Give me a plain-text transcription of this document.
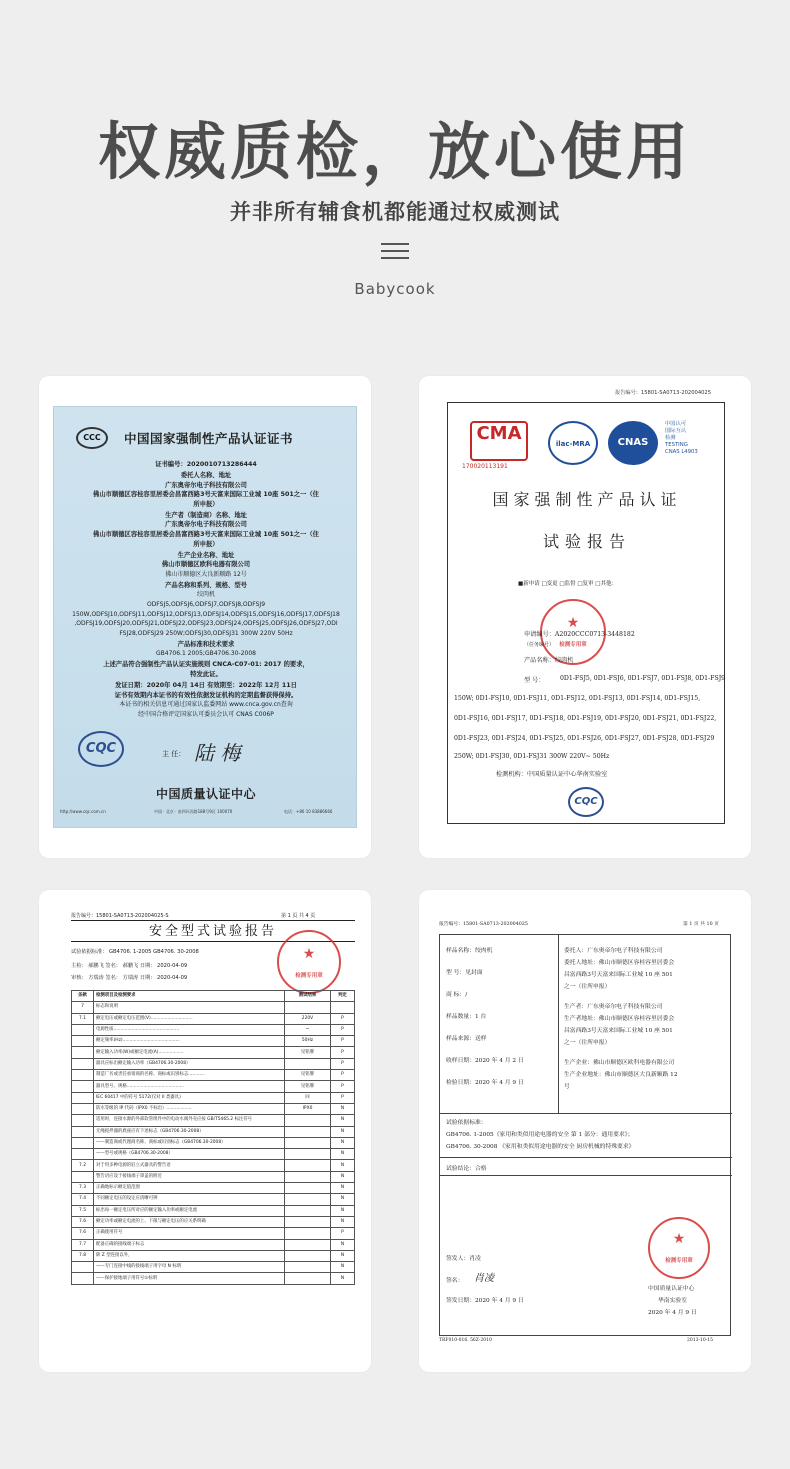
权威质检，放心使用
并非所有辅食机都能通过权威测试
Babycook
CCC	中国国家强制性产品认证证书
证书编号：2020010713286444
委托人名称、地址
广东奥帝尔电子科技有限公司
佛山市顺德区容桂容里居委会昌富西路3号天富来国际工业城 10座 501之一（住
所申报）
生产者（制造商）名称、地址
广东奥帝尔电子科技有限公司
佛山市顺德区容桂容里居委会昌富西路3号天富来国际工业城 10座 501之一（住
所申报）
生产企业名称、地址
佛山市顺德区欧科电器有限公司
佛山市顺德区大良新顺路 12号
产品名称和系列、规格、型号
绞肉机
ODFSJ5,ODFSJ6,ODFSJ7,ODFSJ8,ODFSJ9
150W,ODFSJ10,ODFSJ11,ODFSJ12,ODFSJ13,ODFSJ14,ODFSJ15,ODFSJ16,ODFSJ17,ODFSJ18
,ODFSJ19,ODFSJ20,ODFSJ21,ODFSJ22,ODFSJ23,ODFSJ24,ODFSJ25,ODFSJ26,ODFSJ27,ODI
FSJ28,ODFSJ29 250W;ODFSJ30,ODFSJ31 300W 220V 50Hz
产品标准和技术要求
GB4706.1 2005;GB4706.30-2008
上述产品符合强制性产品认证实施规则 CNCA-C07-01: 2017 的要求，
特发此证。
发证日期：2020年 04月 14日 有效期至：2022年 12月 11日
证书有效期内本证书的有效性依据发证机构的定期监督获得保持。
本证书的相关信息可通过国家认监委网站 www.cnca.gov.cn查询
经中国合格评定国家认可委员会认可 CNAS C006P
CQC	主 任： 陆 梅
中国质量认证中心
http://www.cqc.com.cn	中国 · 北京 · 南四环西路188号9区 100070	电话：+86 10 83886666
报告编号：15801-SA0713-202004025
CMA
170020113191
ilac-MRA	CNAS
中国认可
国际互认
检测
TESTING
CNAS L4903
国家强制性产品认证
试验报告
■新申请 □变更 □监督 □复审 □其他：
★
检测专用章
申请编号：A2020CCC0713-3448182
（任务编号）
产品名称：绞肉机
型 号： 0D1-FSJ5, 0D1-FSJ6, 0D1-FSJ7, 0D1-FSJ8, 0D1-FSJ9
150W; 0D1-FSJ10, 0D1-FSJ11, 0D1-FSJ12, 0D1-FSJ13, 0D1-FSJ14, 0D1-FSJ15,
0D1-FSJ16, 0D1-FSJ17, 0D1-FSJ18, 0D1-FSJ19, 0D1-FSJ20, 0D1-FSJ21, 0D1-FSJ22,
0D1-FSJ23, 0D1-FSJ24, 0D1-FSJ25, 0D1-FSJ26, 0D1-FSJ27, 0D1-FSJ28, 0D1-FSJ29
250W; 0D1-FSJ30, 0D1-FSJ31 300W 220V~ 50Hz
检测机构：中国质量认证中心华南实验室
CQC
报告编号：15801-SA0713-202004025-S	第 1 页 共 4 页
安全型式试验报告
试验依据标准： GB4706. 1-2005 GB4706. 30-2008
主检： 郝鹏飞 签名： 郝鹏飞 日期： 2020-04-09
审核： 方瑞涛 签名： 方瑞涛 日期： 2020-04-09
★
检测专用章
条款	检测项目及检测要求	测试结果	判定
7	标志和说明		
7.1	额定电压或额定电压范围(V)..............................	220V	P
	电源性质...............................................	~	P
	额定频率(Hz).........................................	50Hz	P
	额定输入功率(W)或额定电流(A)..................	见铭牌	P
	器具应标出额定输入功率（GB4706.30-2008）		P
	制造厂名或责任承销商的名称、商标或识别标志............	见铭牌	P
	器具型号、规格.........................................	见铭牌	P
	IEC 60417 中的符号 5172(仅对 II 类器具)	回	P
	防水等级的 IP 代码（IPX0 不标出）..................	IPX0	N
	适用时，连接水源的外部软管组件中的电动水阀外壳应按 GB/T5465.2 标注符号		N
	无绳搅拌器的底座应有下述标志（GB4706.30-2008）		N
	——制造商或代理商名称、商标或识别标志（GB4706.30-2008）		N
	——型号或规格（GB4706.30-2008）		N
7.2	对于用多种电源的驻立式器具的警告语		N
	警告语应设于接线端子罩盖的附近		N
7.3	正确地标示额定值范围		N
7.4	不同额定电压的设定应清晰可辨		N
7.5	标出每一额定电压所对应的额定输入功率或额定电流		N
7.6	额定功率或额定电流的上、下限与额定电压的应关系明确		N
7.6	正确使用符号		P
7.7	配备正确的接线端子标志		N
7.8	除 Z 型连接以外，		N
	——专门连接中线的接线端子用字母 N 标明		N
	——保护接地端子用符号①标明		N
报告编号：15801-SA0713-202004025	第 1 页 共 10 页
样品名称：绞肉机
型 号：见封面
商 标：/
样品数量：1 台
样品来源：送样
收样日期：2020 年 4 月 2 日
检验日期：2020 年 4 月 9 日
委托人：广东奥帝尔电子科技有限公司
委托人地址：佛山市顺德区容桂容里居委会
昌富西路3号天富来国际工业城 10 座 501
之一（住所申报）
生产者：广东奥帝尔电子科技有限公司
生产者地址：佛山市顺德区容桂容里居委会
昌富西路3号天富来国际工业城 10 座 501
之一（住所申报）
生产企业：佛山市顺德区欧科电器有限公司
生产企业地址：佛山市顺德区大良新顺路 12
号
试验依据标准：
GB4706. 1-2005《家用和类似用途电器的安全 第 1 部分：通用要求》；
GB4706. 30-2008 《家用和类似用途电器的安全 厨房机械的特殊要求》
试验结论：合格
签发人：肖凌
签名： 肖凌
签发日期：2020 年 4 月 9 日
★
检测专用章
中国质量认证中心
华南实验室
2020 年 4 月 9 日
TRF010-016. 56Z-2010	2013-10-15
